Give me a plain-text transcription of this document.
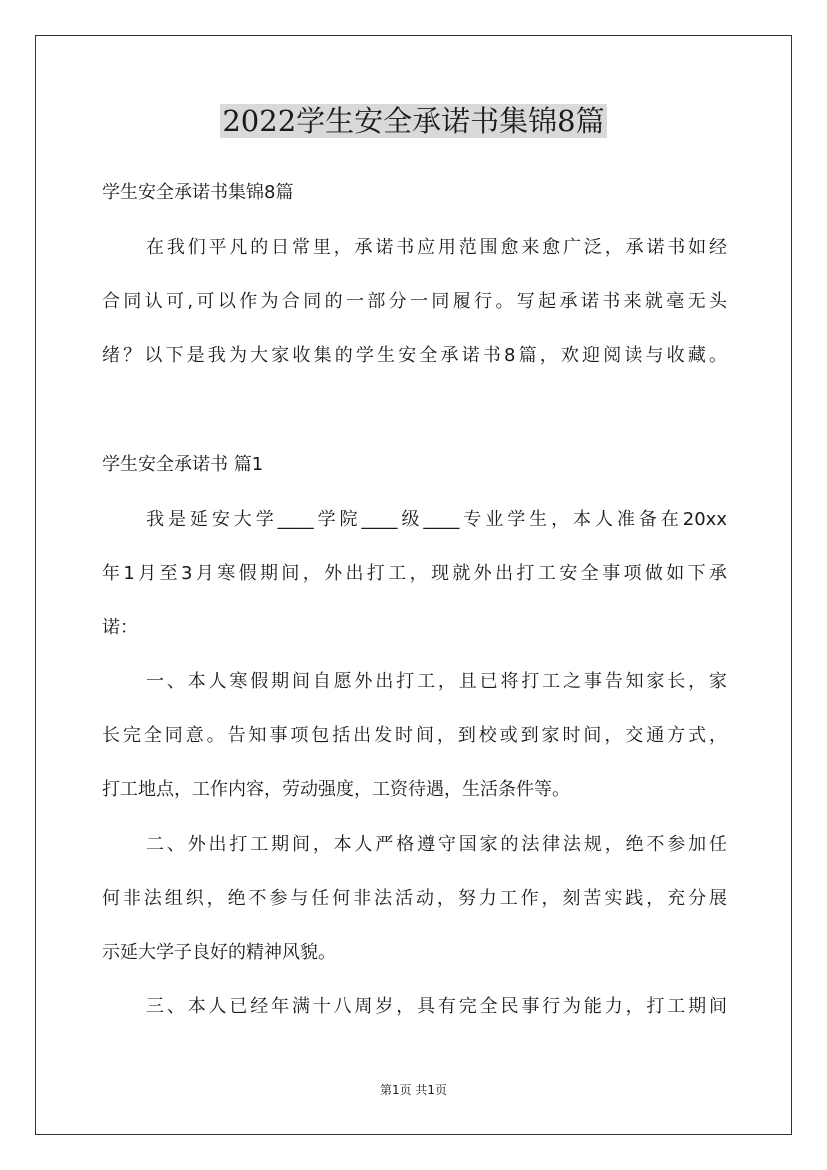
2022学生安全承诺书集锦8篇
学生安全承诺书集锦8篇
在我们平凡的日常里，承诺书应用范围愈来愈广泛，承诺书如经
合同认可,可以作为合同的一部分一同履行。写起承诺书来就毫无头
绪？以下是我为大家收集的学生安全承诺书8篇，欢迎阅读与收藏。
学生安全承诺书 篇1
我是延安大学____学院____级____专业学生，本人准备在20xx
年1月至3月寒假期间，外出打工，现就外出打工安全事项做如下承
诺：
一、本人寒假期间自愿外出打工，且已将打工之事告知家长，家
长完全同意。告知事项包括出发时间，到校或到家时间，交通方式，
打工地点，工作内容，劳动强度，工资待遇，生活条件等。
二、外出打工期间，本人严格遵守国家的法律法规，绝不参加任
何非法组织，绝不参与任何非法活动，努力工作，刻苦实践，充分展
示延大学子良好的精神风貌。
三、本人已经年满十八周岁，具有完全民事行为能力，打工期间
第1页 共1页
